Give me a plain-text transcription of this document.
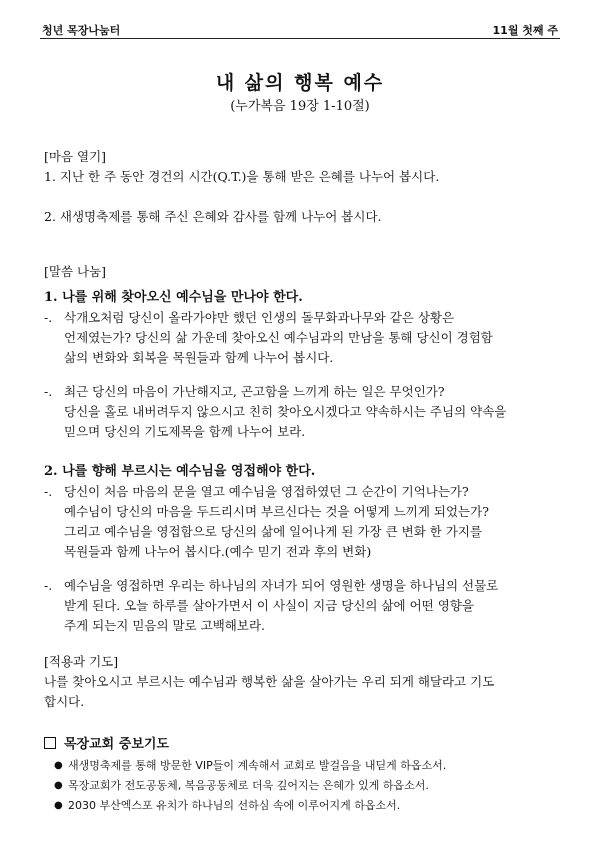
청년 목장나눔터	11월 첫째 주
내 삶의 행복 예수
(누가복음 19장 1-10절)
[마음 열기]
1. 지난 한 주 동안 경건의 시간(Q.T.)을 통해 받은 은혜를 나누어 봅시다.
2. 새생명축제를 통해 주신 은혜와 감사를 함께 나누어 봅시다.
[말씀 나눔]
1. 나를 위해 찾아오신 예수님을 만나야 한다.
-. 삭개오처럼 당신이 올라가야만 했던 인생의 돌무화과나무와 같은 상황은
언제였는가? 당신의 삶 가운데 찾아오신 예수님과의 만남을 통해 당신이 경험함
삶의 변화와 회복을 목원들과 함께 나누어 봅시다.
-. 최근 당신의 마음이 가난해지고, 곤고함을 느끼게 하는 일은 무엇인가?
당신을 홀로 내버려두지 않으시고 친히 찾아오시겠다고 약속하시는 주님의 약속을
믿으며 당신의 기도제목을 함께 나누어 보라.
2. 나를 향해 부르시는 예수님을 영접해야 한다.
-. 당신이 처음 마음의 문을 열고 예수님을 영접하였던 그 순간이 기억나는가?
예수님이 당신의 마음을 두드리시며 부르신다는 것을 어떻게 느끼게 되었는가?
그리고 예수님을 영접함으로 당신의 삶에 일어나게 된 가장 큰 변화 한 가지를
목원들과 함께 나누어 봅시다.(예수 믿기 전과 후의 변화)
-. 예수님을 영접하면 우리는 하나님의 자녀가 되어 영원한 생명을 하나님의 선물로
받게 된다. 오늘 하루를 살아가면서 이 사실이 지금 당신의 삶에 어떤 영향을
주게 되는지 믿음의 말로 고백해보라.
[적용과 기도]
나를 찾아오시고 부르시는 예수님과 행복한 삶을 살아가는 우리 되게 해달라고 기도
합시다.
목장교회 중보기도
● 새생명축제를 통해 방문한 VIP들이 계속해서 교회로 발걸음을 내딛게 하옵소서.
● 목장교회가 전도공동체, 복음공동체로 더욱 깊어지는 은혜가 있게 하옵소서.
● 2030 부산엑스포 유치가 하나님의 선하심 속에 이루어지게 하옵소서.
